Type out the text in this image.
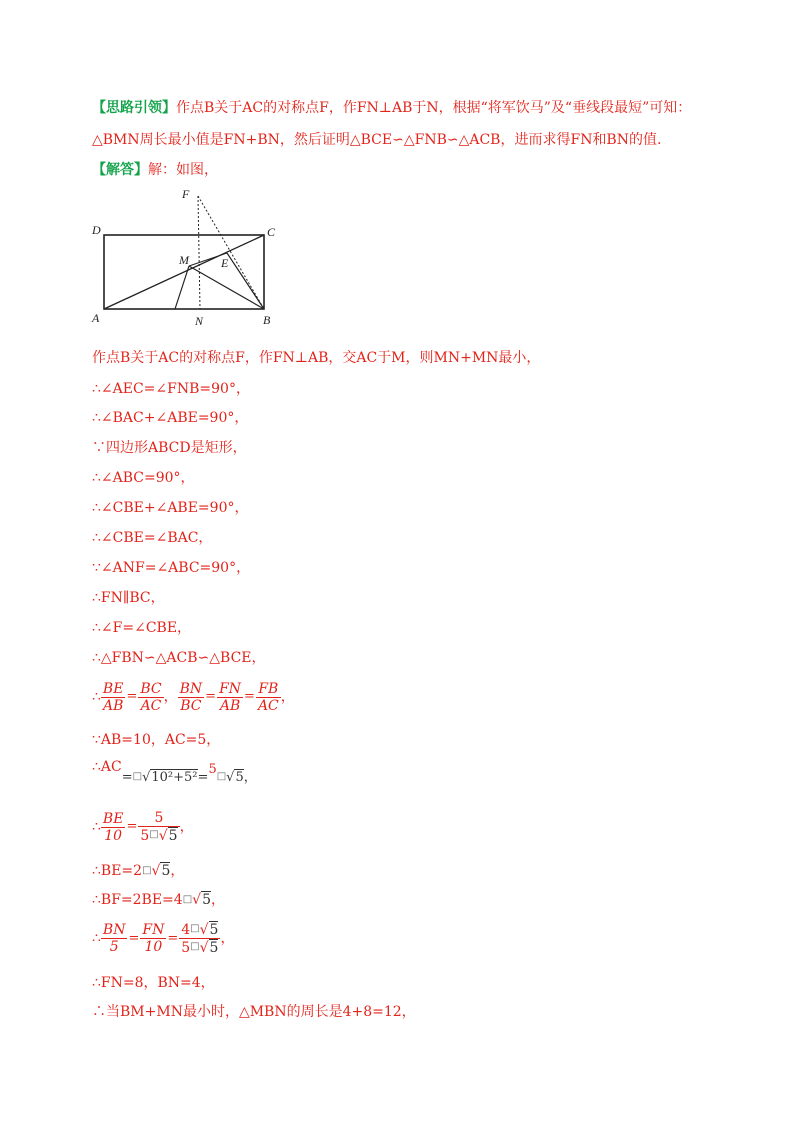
【思路引领】作点B关于AC的对称点F，作FN⊥AB于N，根据“将军饮马”及“垂线段最短”可知：
△BMN周长最小值是FN+BN，然后证明△BCE∽△FNB∽△ACB，进而求得FN和BN的值.
【解答】解：如图，
F
D	C
M	E
A	N	B
作点B关于AC的对称点F，作FN⊥AB，交AC于M，则MN+MN最小，
∴∠AEC=∠FNB=90°，
∴∠BAC+∠ABE=90°，
∵四边形ABCD是矩形，
∴∠ABC=90°，
∴∠CBE+∠ABE=90°，
∴∠CBE=∠BAC，
∵∠ANF=∠ABC=90°，
∴FN∥BC，
∴∠F=∠CBE，
∴△FBN∽△ACB∽△BCE，
∴ $\frac{BE}{AB} = \frac{BC}{AC}$ ， $\frac{BN}{BC} = \frac{FN}{AB} = \frac{FB}{AC}$ ，
∵AB=10，AC=5，
∴AC=□√10²+5²=5□√5，
∴ $\frac{BE}{10} = \frac{5}{5^□√5}$ ，
∴BE=2□√5，
∴BF=2BE=4□√5，
∴ $\frac{BN}{5} = \frac{FN}{10} = \frac{4^□√5}{5^□√5}$ ，
∴FN=8，BN=4，
∴当BM+MN最小时，△MBN的周长是4+8=12，
